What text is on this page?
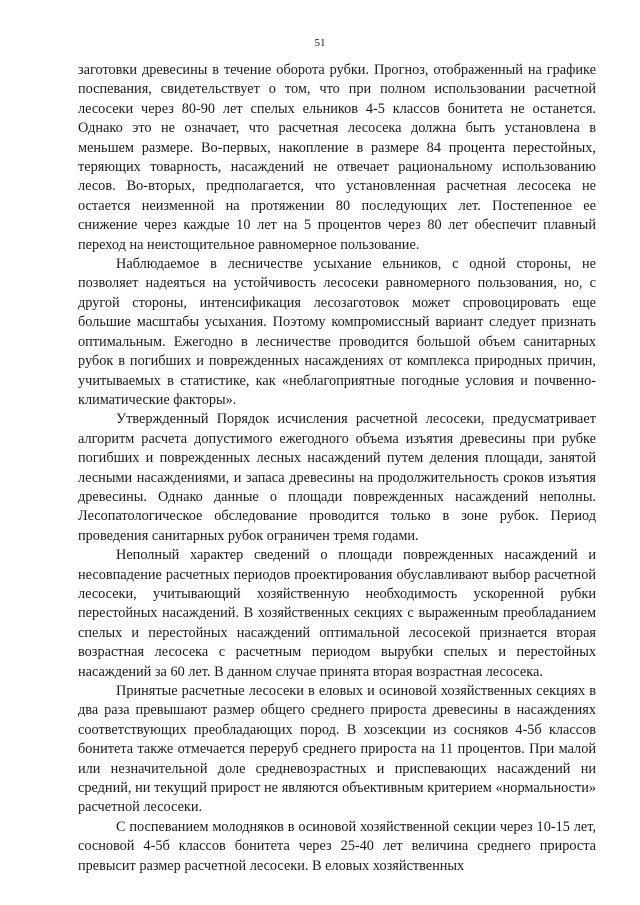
51

заготовки древесины в течение оборота рубки. Прогноз, отображенный на графике поспевания, свидетельствует о том, что при полном использовании расчетной лесосеки через 80-90 лет спелых ельников 4-5 классов бонитета не останется. Однако это не означает, что расчетная лесосека должна быть установлена в меньшем размере. Во-первых, накопление в размере 84 процента перестойных, теряющих товарность, насаждений не отвечает рациональному использованию лесов. Во-вторых, предполагается, что установленная расчетная лесосека не остается неизменной на протяжении 80 последующих лет. Постепенное ее снижение через каждые 10 лет на 5 процентов через 80 лет обеспечит плавный переход на неистощительное равномерное пользование.

Наблюдаемое в лесничестве усыхание ельников, с одной стороны, не позволяет надеяться на устойчивость лесосеки равномерного пользования, но, с другой стороны, интенсификация лесозаготовок может спровоцировать еще большие масштабы усыхания. Поэтому компромиссный вариант следует признать оптимальным. Ежегодно в лесничестве проводится большой объем санитарных рубок в погибших и поврежденных насаждениях от комплекса природных причин, учитываемых в статистике, как «неблагоприятные погодные условия и почвенно-климатические факторы».

Утвержденный Порядок исчисления расчетной лесосеки, предусматривает алгоритм расчета допустимого ежегодного объема изъятия древесины при рубке погибших и поврежденных лесных насаждений путем деления площади, занятой лесными насаждениями, и запаса древесины на продолжительность сроков изъятия древесины. Однако данные о площади поврежденных насаждений неполны. Лесопатологическое обследование проводится только в зоне рубок. Период проведения санитарных рубок ограничен тремя годами.

Неполный характер сведений о площади поврежденных насаждений и несовпадение расчетных периодов проектирования обуславливают выбор расчетной лесосеки, учитывающий хозяйственную необходимость ускоренной рубки перестойных насаждений. В хозяйственных секциях с выраженным преобладанием спелых и перестойных насаждений оптимальной лесосекой признается вторая возрастная лесосека с расчетным периодом вырубки спелых и перестойных насаждений за 60 лет. В данном случае принята вторая возрастная лесосека.

Принятые расчетные лесосеки в еловых и осиновой хозяйственных секциях в два раза превышают размер общего среднего прироста древесины в насаждениях соответствующих преобладающих пород. В хозсекции из сосняков 4-5б классов бонитета также отмечается переруб среднего прироста на 11 процентов. При малой или незначительной доле средневозрастных и приспевающих насаждений ни средний, ни текущий прирост не являются объективным критерием «нормальности» расчетной лесосеки.

С поспеванием молодняков в осиновой хозяйственной секции через 10-15 лет, сосновой 4-5б классов бонитета через 25-40 лет величина среднего прироста превысит размер расчетной лесосеки. В еловых хозяйственных
